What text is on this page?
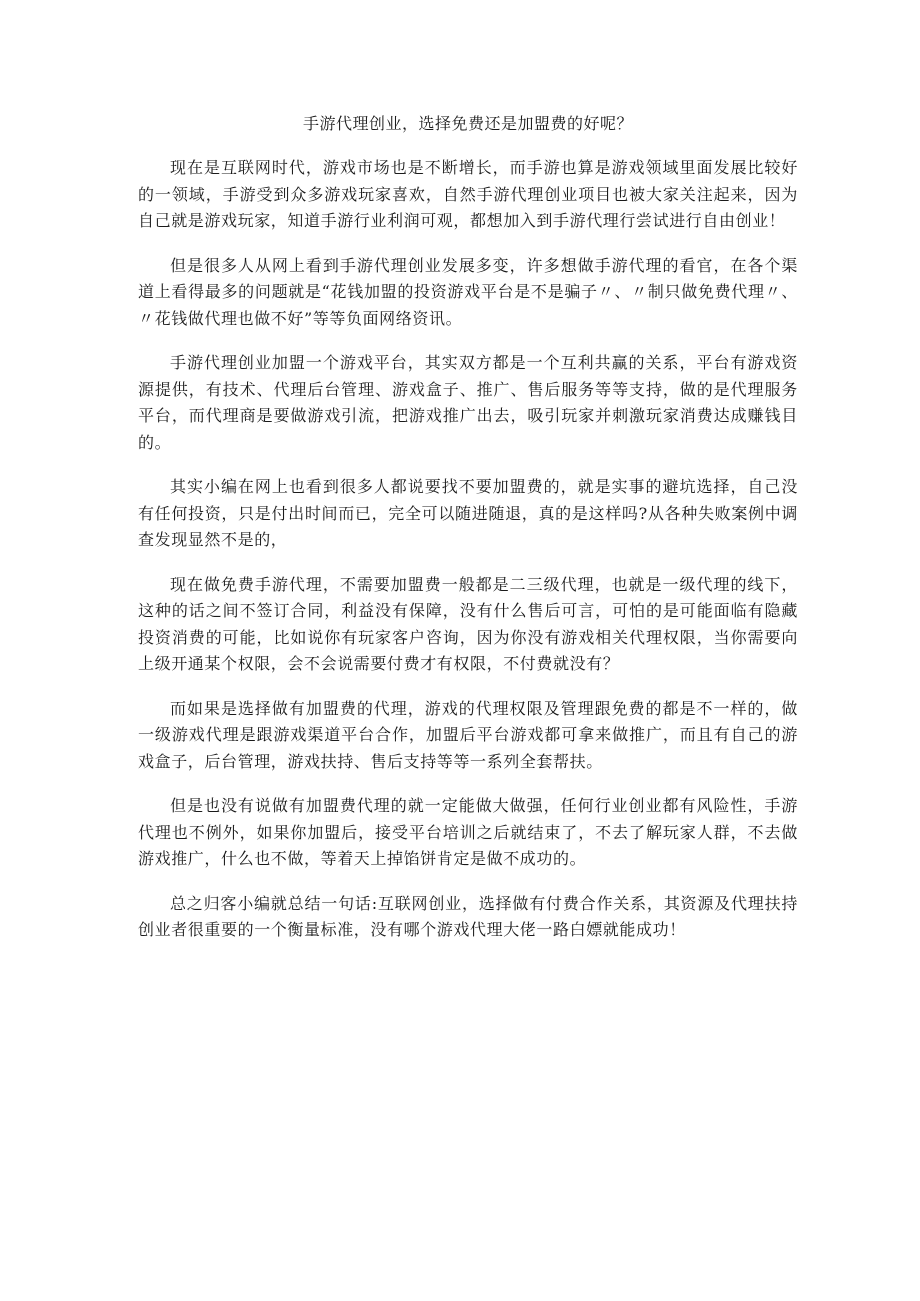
手游代理创业，选择免费还是加盟费的好呢？

现在是互联网时代，游戏市场也是不断增长，而手游也算是游戏领域里面发展比较好的一领域，手游受到众多游戏玩家喜欢，自然手游代理创业项目也被大家关注起来，因为自己就是游戏玩家，知道手游行业利润可观，都想加入到手游代理行尝试进行自由创业！

但是很多人从网上看到手游代理创业发展多变，许多想做手游代理的看官，在各个渠道上看得最多的问题就是“花钱加盟的投资游戏平台是不是骗子〃、〃制只做免费代理〃、〃花钱做代理也做不好”等等负面网络资讯。

手游代理创业加盟一个游戏平台，其实双方都是一个互利共赢的关系，平台有游戏资源提供，有技术、代理后台管理、游戏盒子、推广、售后服务等等支持，做的是代理服务平台，而代理商是要做游戏引流，把游戏推广出去，吸引玩家并刺激玩家消费达成赚钱目的。

其实小编在网上也看到很多人都说要找不要加盟费的，就是实事的避坑选择，自己没有任何投资，只是付出时间而已，完全可以随进随退，真的是这样吗?从各种失败案例中调查发现显然不是的，

现在做免费手游代理，不需要加盟费一般都是二三级代理，也就是一级代理的线下，这种的话之间不签订合同，利益没有保障，没有什么售后可言，可怕的是可能面临有隐藏投资消费的可能，比如说你有玩家客户咨询，因为你没有游戏相关代理权限，当你需要向上级开通某个权限，会不会说需要付费才有权限，不付费就没有？

而如果是选择做有加盟费的代理，游戏的代理权限及管理跟免费的都是不一样的，做一级游戏代理是跟游戏渠道平台合作，加盟后平台游戏都可拿来做推广，而且有自己的游戏盒子，后台管理，游戏扶持、售后支持等等一系列全套帮扶。

但是也没有说做有加盟费代理的就一定能做大做强，任何行业创业都有风险性，手游代理也不例外，如果你加盟后，接受平台培训之后就结束了，不去了解玩家人群，不去做游戏推广，什么也不做，等着天上掉馅饼肯定是做不成功的。

总之归客小编就总结一句话:互联网创业，选择做有付费合作关系，其资源及代理扶持创业者很重要的一个衡量标准，没有哪个游戏代理大佬一路白嫖就能成功！
